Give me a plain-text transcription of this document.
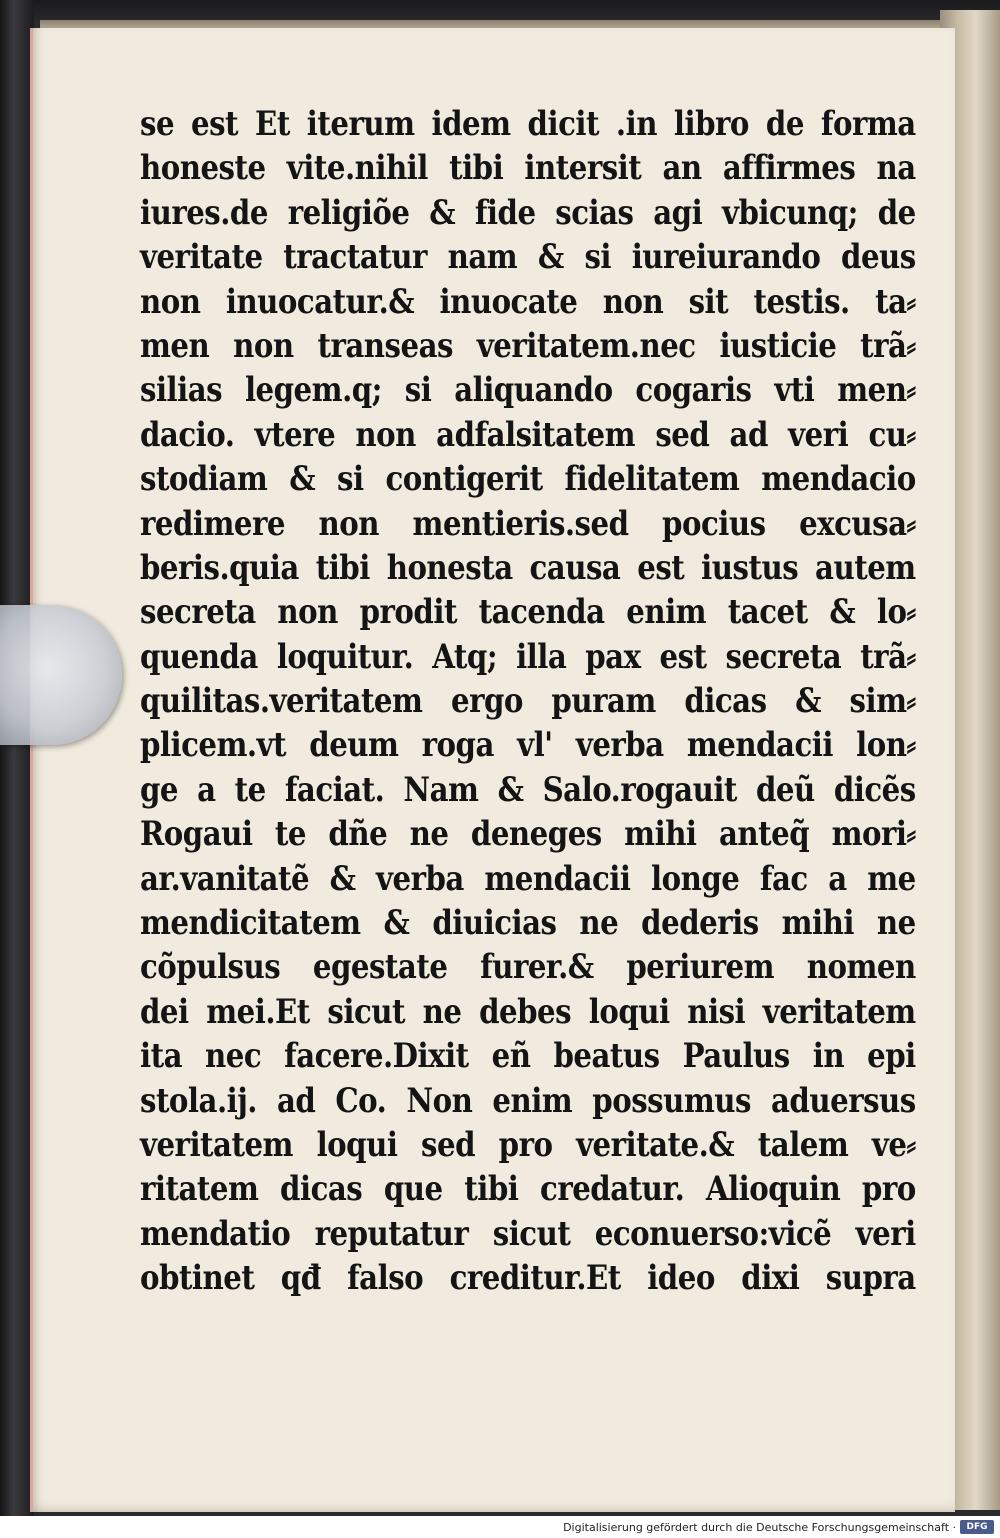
se est Et iterum idem dicit .in libro de forma
honeste vite.nihil tibi intersit an affirmes na
iures.de religiõe & fide scias agi vbicunq; de
veritate tractatur nam & si iureiurando deus
non inuocatur.& inuocate non sit testis. ta⸗
men non transeas veritatem.nec iusticie trã⸗
silias legem.q; si aliquando cogaris vti men⸗
dacio. vtere non adfalsitatem sed ad veri cu⸗
stodiam & si contigerit fidelitatem mendacio
redimere non mentieris.sed pocius excusa⸗
beris.quia tibi honesta causa est iustus autem
secreta non prodit tacenda enim tacet & lo⸗
quenda loquitur. Atq; illa pax est secreta trã⸗
quilitas.veritatem ergo puram dicas & sim⸗
plicem.vt deum roga vl' verba mendacii lon⸗
ge a te faciat. Nam & Salo.rogauit deũ dicẽs
Rogaui te dñe ne deneges mihi anteq̃ mori⸗
ar.vanitatẽ & verba mendacii longe fac a me
mendicitatem & diuicias ne dederis mihi ne
cõpulsus egestate furer.& periurem nomen
dei mei.Et sicut ne debes loqui nisi veritatem
ita nec facere.Dixit eñ beatus Paulus in epi
stola.ij. ad Co. Non enim possumus aduersus
veritatem loqui sed pro veritate.& talem ve⸗
ritatem dicas que tibi credatur. Alioquin pro
mendatio reputatur sicut econuerso:vicẽ veri
obtinet qđ falso creditur.Et ideo dixi supra
Digitalisierung gefördert durch die Deutsche Forschungsgemeinschaft ·	DFG
